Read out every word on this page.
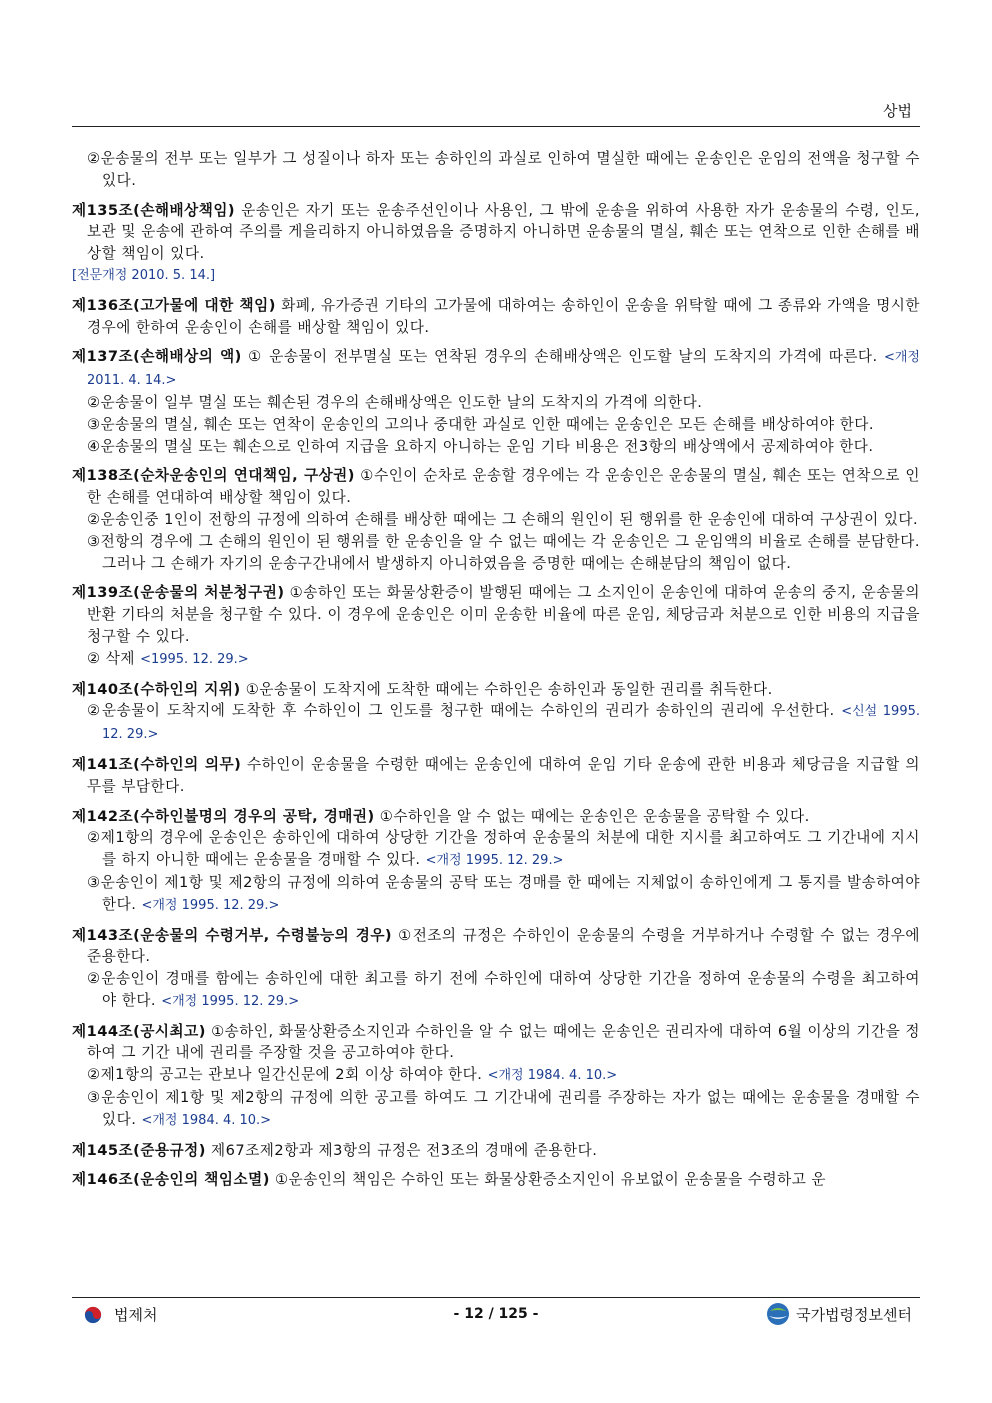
상법

②운송물의 전부 또는 일부가 그 성질이나 하자 또는 송하인의 과실로 인하여 멸실한 때에는 운송인은 운임의 전액을 청구할 수 있다.

제135조(손해배상책임) 운송인은 자기 또는 운송주선인이나 사용인, 그 밖에 운송을 위하여 사용한 자가 운송물의 수령, 인도, 보관 및 운송에 관하여 주의를 게을리하지 아니하였음을 증명하지 아니하면 운송물의 멸실, 훼손 또는 연착으로 인한 손해를 배상할 책임이 있다.

[전문개정 2010. 5. 14.]

제136조(고가물에 대한 책임) 화폐, 유가증권 기타의 고가물에 대하여는 송하인이 운송을 위탁할 때에 그 종류와 가액을 명시한 경우에 한하여 운송인이 손해를 배상할 책임이 있다.

제137조(손해배상의 액) ① 운송물이 전부멸실 또는 연착된 경우의 손해배상액은 인도할 날의 도착지의 가격에 따른다. <개정 2011. 4. 14.>

②운송물이 일부 멸실 또는 훼손된 경우의 손해배상액은 인도한 날의 도착지의 가격에 의한다.

③운송물의 멸실, 훼손 또는 연착이 운송인의 고의나 중대한 과실로 인한 때에는 운송인은 모든 손해를 배상하여야 한다.

④운송물의 멸실 또는 훼손으로 인하여 지급을 요하지 아니하는 운임 기타 비용은 전3항의 배상액에서 공제하여야 한다.

제138조(순차운송인의 연대책임, 구상권) ①수인이 순차로 운송할 경우에는 각 운송인은 운송물의 멸실, 훼손 또는 연착으로 인한 손해를 연대하여 배상할 책임이 있다.

②운송인중 1인이 전항의 규정에 의하여 손해를 배상한 때에는 그 손해의 원인이 된 행위를 한 운송인에 대하여 구상권이 있다.

③전항의 경우에 그 손해의 원인이 된 행위를 한 운송인을 알 수 없는 때에는 각 운송인은 그 운임액의 비율로 손해를 분담한다. 그러나 그 손해가 자기의 운송구간내에서 발생하지 아니하였음을 증명한 때에는 손해분담의 책임이 없다.

제139조(운송물의 처분청구권) ①송하인 또는 화물상환증이 발행된 때에는 그 소지인이 운송인에 대하여 운송의 중지, 운송물의 반환 기타의 처분을 청구할 수 있다. 이 경우에 운송인은 이미 운송한 비율에 따른 운임, 체당금과 처분으로 인한 비용의 지급을 청구할 수 있다.

② 삭제 <1995. 12. 29.>

제140조(수하인의 지위) ①운송물이 도착지에 도착한 때에는 수하인은 송하인과 동일한 권리를 취득한다.

②운송물이 도착지에 도착한 후 수하인이 그 인도를 청구한 때에는 수하인의 권리가 송하인의 권리에 우선한다. <신설 1995. 12. 29.>

제141조(수하인의 의무) 수하인이 운송물을 수령한 때에는 운송인에 대하여 운임 기타 운송에 관한 비용과 체당금을 지급할 의무를 부담한다.

제142조(수하인불명의 경우의 공탁, 경매권) ①수하인을 알 수 없는 때에는 운송인은 운송물을 공탁할 수 있다.

②제1항의 경우에 운송인은 송하인에 대하여 상당한 기간을 정하여 운송물의 처분에 대한 지시를 최고하여도 그 기간내에 지시를 하지 아니한 때에는 운송물을 경매할 수 있다. <개정 1995. 12. 29.>

③운송인이 제1항 및 제2항의 규정에 의하여 운송물의 공탁 또는 경매를 한 때에는 지체없이 송하인에게 그 통지를 발송하여야 한다. <개정 1995. 12. 29.>

제143조(운송물의 수령거부, 수령불능의 경우) ①전조의 규정은 수하인이 운송물의 수령을 거부하거나 수령할 수 없는 경우에 준용한다.

②운송인이 경매를 함에는 송하인에 대한 최고를 하기 전에 수하인에 대하여 상당한 기간을 정하여 운송물의 수령을 최고하여야 한다. <개정 1995. 12. 29.>

제144조(공시최고) ①송하인, 화물상환증소지인과 수하인을 알 수 없는 때에는 운송인은 권리자에 대하여 6월 이상의 기간을 정하여 그 기간 내에 권리를 주장할 것을 공고하여야 한다.

②제1항의 공고는 관보나 일간신문에 2회 이상 하여야 한다. <개정 1984. 4. 10.>

③운송인이 제1항 및 제2항의 규정에 의한 공고를 하여도 그 기간내에 권리를 주장하는 자가 없는 때에는 운송물을 경매할 수 있다. <개정 1984. 4. 10.>

제145조(준용규정) 제67조제2항과 제3항의 규정은 전3조의 경매에 준용한다.

제146조(운송인의 책임소멸) ①운송인의 책임은 수하인 또는 화물상환증소지인이 유보없이 운송물을 수령하고 운

법제처	- 12 / 125 -	국가법령정보센터
